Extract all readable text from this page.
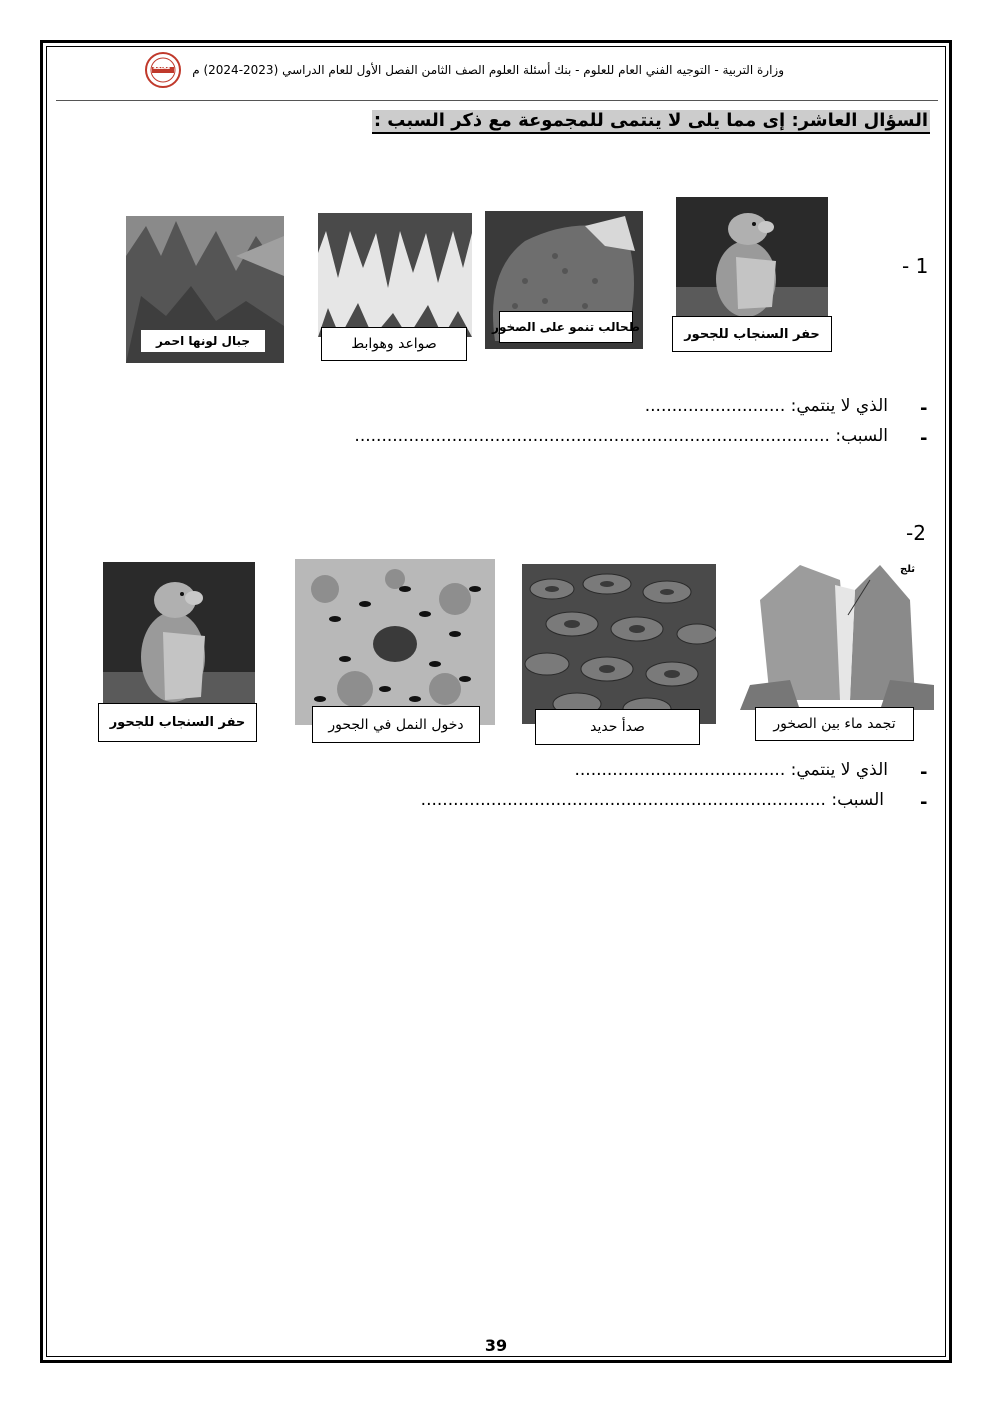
وزارة التربية - التوجيه الفني العام للعلوم - بنك أسئلة العلوم الصف الثامن الفصل الأول للعام الدراسي (2023-2024) م
معلمه
السؤال العاشر: إى مما يلى لا ينتمى للمجموعة مع ذكر السبب :
- 1
حفر السنجاب للجحور
طحالب تنمو على الصخور
صواعد وهوابط
جبال لونها احمر
-
الذي لا ينتمي: ..........................
-
السبب: ........................................................................................
-2
ثلج
تجمد ماء بين الصخور
صدأ حديد
دخول النمل في الجحور
حفر السنجاب للجحور
-
الذي لا ينتمي: .......................................
-
السبب: ...........................................................................
39
